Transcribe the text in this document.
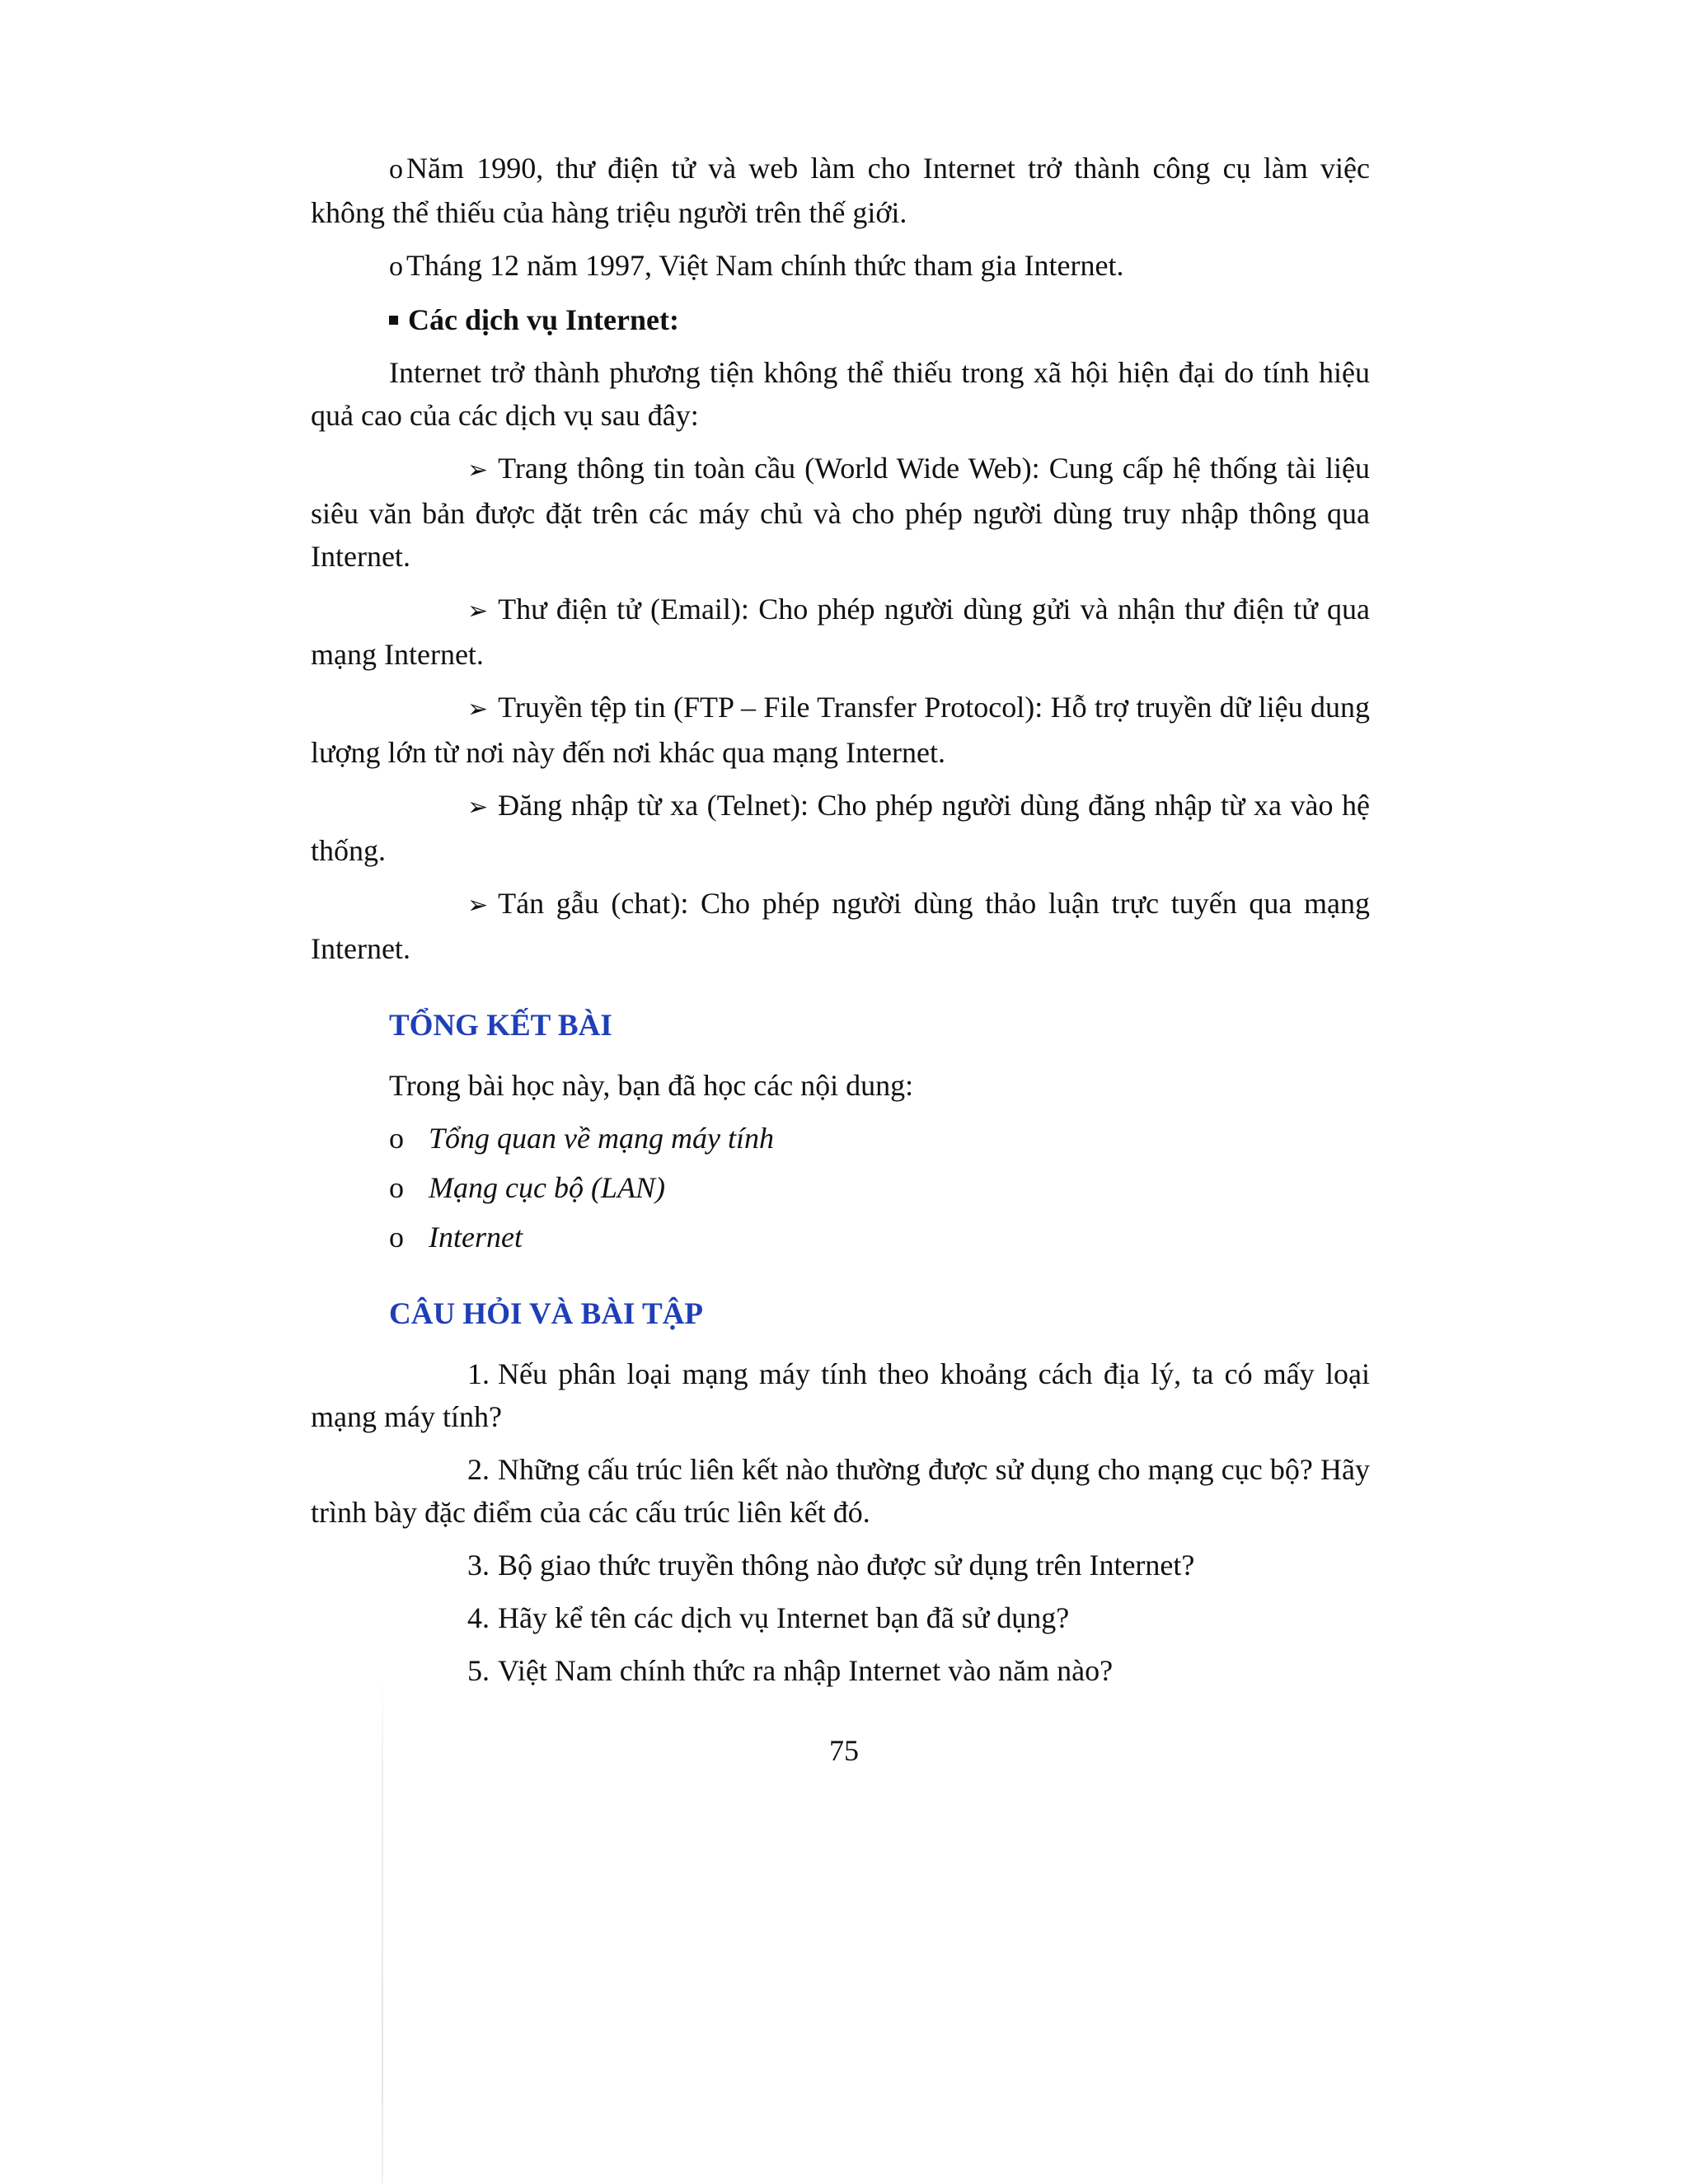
o Năm 1990, thư điện tử và web làm cho Internet trở thành công cụ làm việc không thể thiếu của hàng triệu người trên thế giới.

o Tháng 12 năm 1997, Việt Nam chính thức tham gia Internet.

Các dịch vụ Internet:

Internet trở thành phương tiện không thể thiếu trong xã hội hiện đại do tính hiệu quả cao của các dịch vụ sau đây:

➢ Trang thông tin toàn cầu (World Wide Web): Cung cấp hệ thống tài liệu siêu văn bản được đặt trên các máy chủ và cho phép người dùng truy nhập thông qua Internet.

➢ Thư điện tử (Email): Cho phép người dùng gửi và nhận thư điện tử qua mạng Internet.

➢ Truyền tệp tin (FTP – File Transfer Protocol): Hỗ trợ truyền dữ liệu dung lượng lớn từ nơi này đến nơi khác qua mạng Internet.

➢ Đăng nhập từ xa (Telnet): Cho phép người dùng đăng nhập từ xa vào hệ thống.

➢ Tán gẫu (chat): Cho phép người dùng thảo luận trực tuyến qua mạng Internet.

TỔNG KẾT BÀI

Trong bài học này, bạn đã học các nội dung:

o Tổng quan về mạng máy tính
o Mạng cục bộ (LAN)
o Internet
CÂU HỎI VÀ BÀI TẬP

1. Nếu phân loại mạng máy tính theo khoảng cách địa lý, ta có mấy loại mạng máy tính?

2. Những cấu trúc liên kết nào thường được sử dụng cho mạng cục bộ? Hãy trình bày đặc điểm của các cấu trúc liên kết đó.

3. Bộ giao thức truyền thông nào được sử dụng trên Internet?

4. Hãy kể tên các dịch vụ Internet bạn đã sử dụng?

5. Việt Nam chính thức ra nhập Internet vào năm nào?

75
